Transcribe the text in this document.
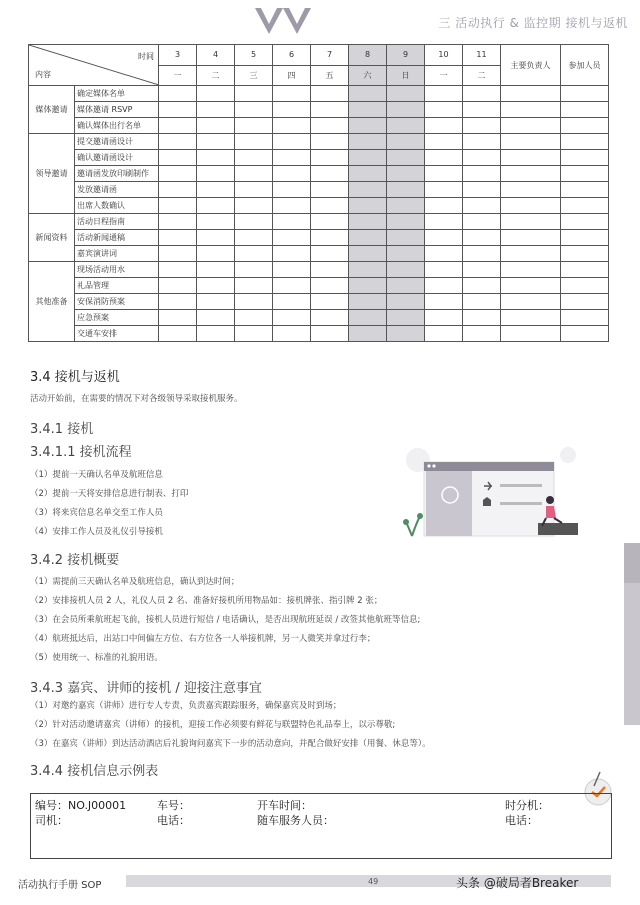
三 活动执行 & 监控期 接机与返机
时间
内容		3	4	5	6	7	8	9	10	11	主要负责人	参加人员
		一	二	三	四	五	六	日	一	二		
媒体邀请	确定媒体名单											
	媒体邀请 RSVP											
	确认媒体出行名单											
领导邀请	提交邀请函设计											
	确认邀请函设计											
	邀请函发放印刷制作											
	发放邀请函											
	出席人数确认											
新闻资料	活动日程指南											
	活动新闻通稿											
	嘉宾演讲词											
其他准备	现场活动用水											
	礼品管理											
	安保消防预案											
	应急预案											
	交通车安排											
3.4 接机与返机
活动开始前，在需要的情况下对各级领导采取接机服务。
3.4.1 接机
3.4.1.1 接机流程
（1）提前一天确认名单及航班信息
（2）提前一天将安排信息进行制表、打印
（3）将来宾信息名单交至工作人员
（4）安排工作人员及礼仪引导接机
3.4.2 接机概要
（1）需提前三天确认名单及航班信息，确认到达时间；
（2）安排接机人员 2 人，礼仪人员 2 名、准备好接机所用物品如：接机牌张、指引牌 2 张；
（3）在会员所乘航班起飞前，接机人员进行短信 / 电话确认，是否出现航班延误 / 改签其他航班等信息;
（4）航班抵达后，出站口中间偏左方位、右方位各一人举接机牌，另一人微笑并拿过行李；
（5）使用统一、标准的礼貌用语。
3.4.3 嘉宾、讲师的接机 / 迎接注意事宜
（1）对邀约嘉宾（讲师）进行专人专责，负责嘉宾跟踪服务，确保嘉宾及时到场；
（2）针对活动邀请嘉宾（讲师）的接机，迎接工作必须要有鲜花与联盟特色礼品奉上，以示尊敬;
（3）在嘉宾（讲师）到达活动酒店后礼貌询问嘉宾下一步的活动意向，并配合做好安排（用餐、休息等）。
3.4.4 接机信息示例表
编号：NO.J00001	车号：	开车时间：	时分机：
司机：	电话：	随车服务人员：	电话：
活动执行手册 SOP	49	头条 @破局者Breaker
